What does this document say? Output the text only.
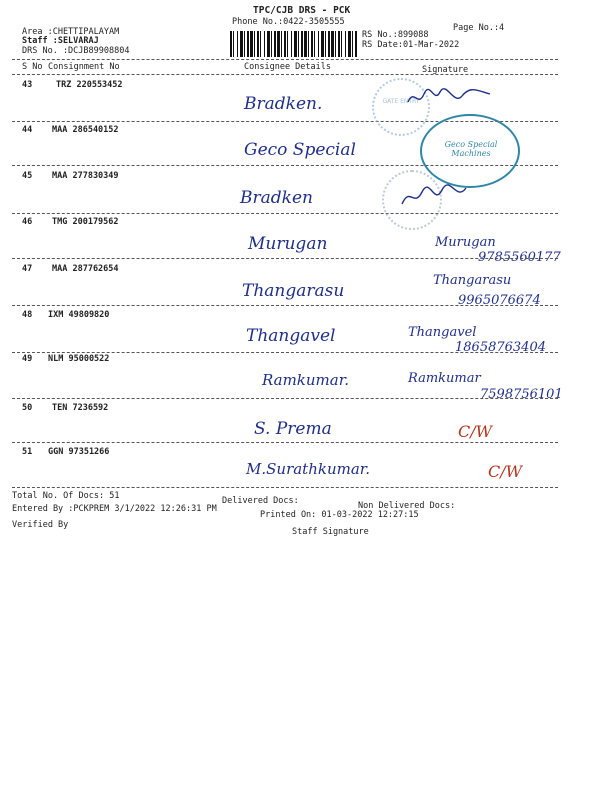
TPC/CJB DRS - PCK
Phone No.:0422-3505555
Area :CHETTIPALAYAM
Staff :SELVARAJ
DRS No. :DCJB89908804
Page No.:4
RS No.:899088
RS Date:01-Mar-2022
S No Consignment No	Consignee Details	Signature
43	TRZ 220553452
Bradken.
44 MAA 286540152
Geco Special
45 MAA 277830349
Bradken
46 TMG 200179562
Murugan	Murugan
9785560177
47 MAA 287762654
Thangarasu
Thangarasu
9965076674
48 IXM 49809820
Thangavel	Thangavel
18658763404
49 NLM 95000522
Ramkumar.	Ramkumar
7598756101
50 TEN 7236592
S. Prema	C/W
51 GGN 97351266
M.Surathkumar.	C/W
GATE ENTRY
Geco Special Machines
Total No. Of Docs: 51	Delivered Docs:	Non Delivered Docs:
Entered By :PCKPREM 3/1/2022 12:26:31 PM
Printed On: 01-03-2022 12:27:15
Verified By
Staff Signature
